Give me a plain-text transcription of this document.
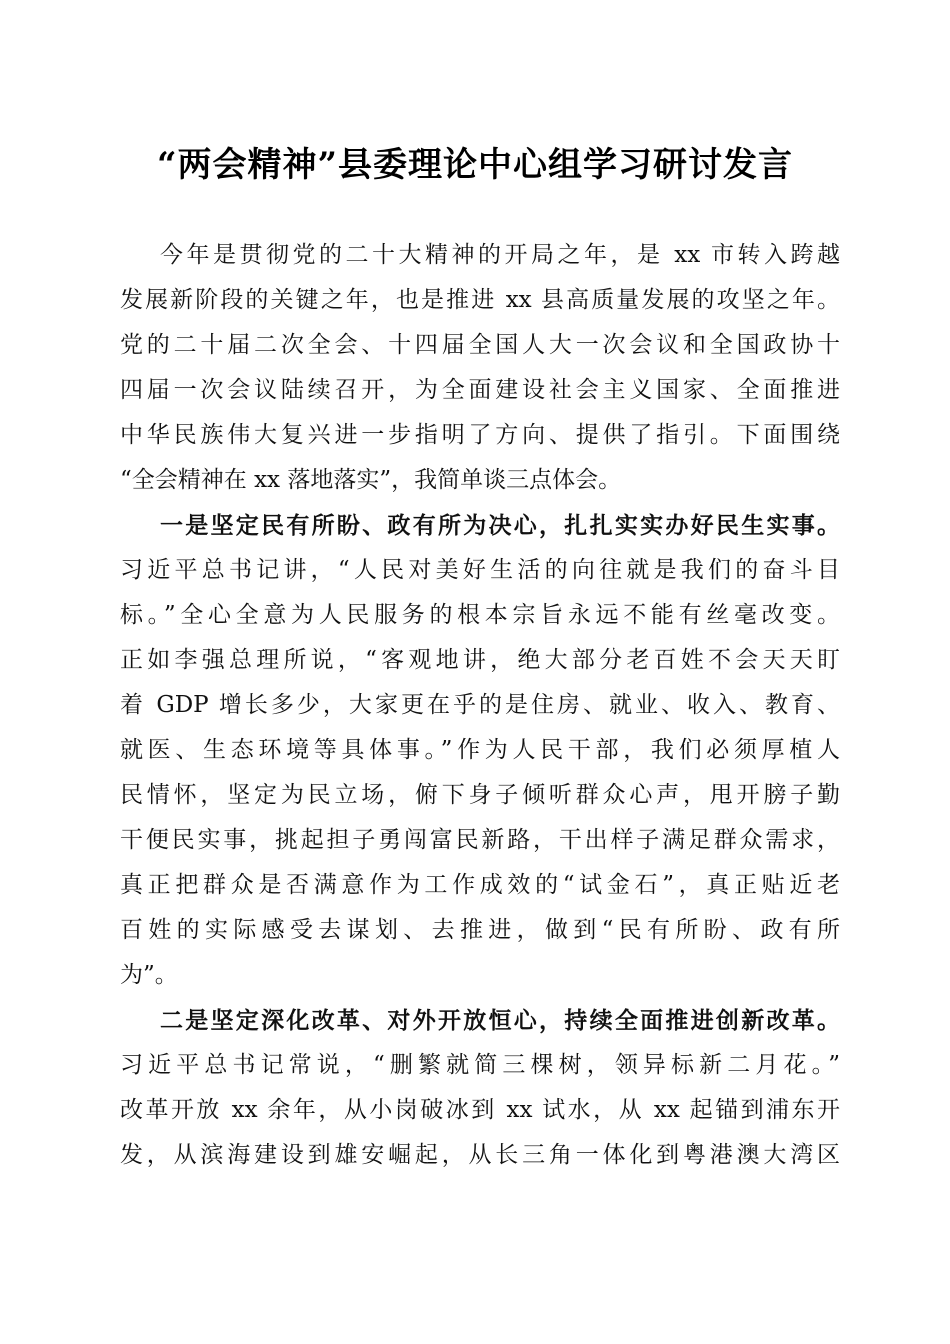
“两会精神”县委理论中心组学习研讨发言
今年是贯彻党的二十大精神的开局之年，是 xx 市转入跨越
发展新阶段的关键之年，也是推进 xx 县高质量发展的攻坚之年。
党的二十届二次全会、十四届全国人大一次会议和全国政协十
四届一次会议陆续召开，为全面建设社会主义国家、全面推进
中华民族伟大复兴进一步指明了方向、提供了指引。下面围绕
“全会精神在 xx 落地落实”，我简单谈三点体会。
一是坚定民有所盼、政有所为决心，扎扎实实办好民生实事。
习近平总书记讲，“人民对美好生活的向往就是我们的奋斗目
标。”全心全意为人民服务的根本宗旨永远不能有丝毫改变。
正如李强总理所说，“客观地讲，绝大部分老百姓不会天天盯
着 GDP 增长多少，大家更在乎的是住房、就业、收入、教育、
就医、生态环境等具体事。”作为人民干部，我们必须厚植人
民情怀，坚定为民立场，俯下身子倾听群众心声，甩开膀子勤
干便民实事，挑起担子勇闯富民新路，干出样子满足群众需求，
真正把群众是否满意作为工作成效的“试金石”，真正贴近老
百姓的实际感受去谋划、去推进，做到“民有所盼、政有所
为”。
二是坚定深化改革、对外开放恒心，持续全面推进创新改革。
习近平总书记常说，“删繁就简三棵树，领异标新二月花。”
改革开放 xx 余年，从小岗破冰到 xx 试水，从 xx 起锚到浦东开
发，从滨海建设到雄安崛起，从长三角一体化到粤港澳大湾区
